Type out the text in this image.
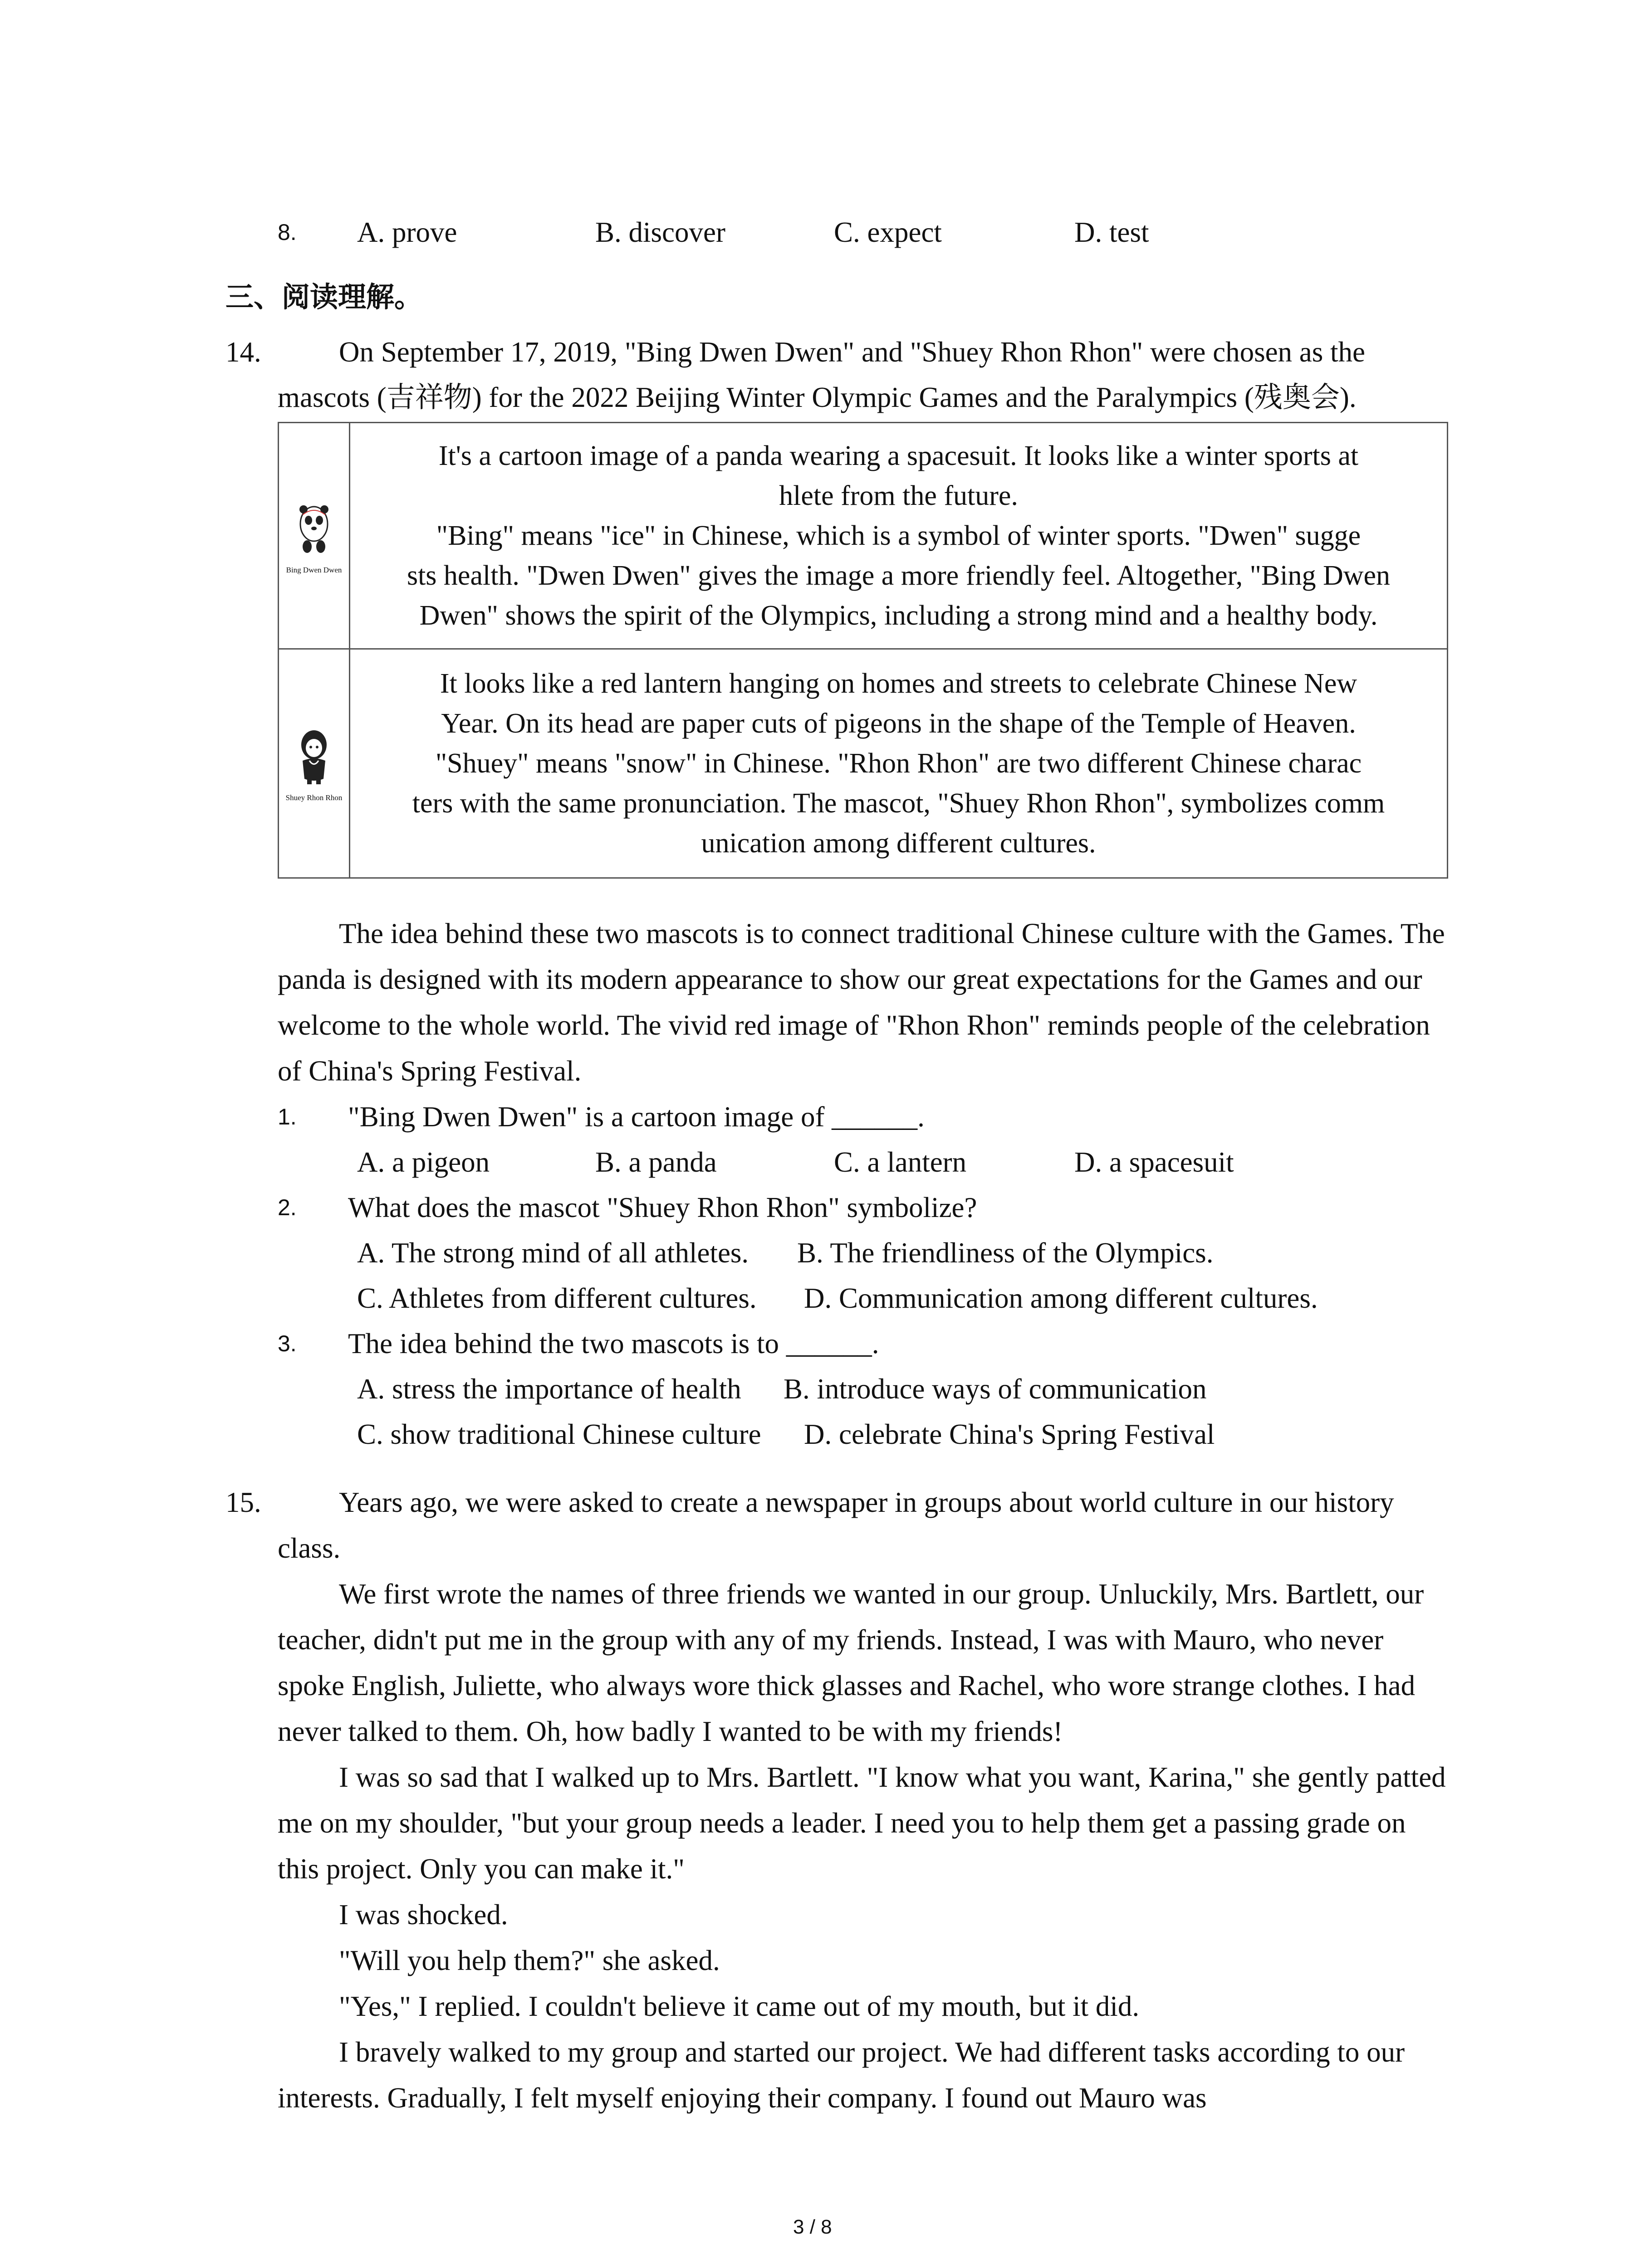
8. A. prove	B. discover	C. expect	D. test
三、阅读理解。
14.	On September 17, 2019, "Bing Dwen Dwen" and "Shuey Rhon Rhon" were chosen as the
mascots (吉祥物) for the 2022 Beijing Winter Olympic Games and the Paralympics (残奥会).
Bing Dwen Dwen	It's a cartoon image of a panda wearing a spacesuit. It looks like a winter sports at
hlete from the future.
"Bing" means "ice" in Chinese, which is a symbol of winter sports. "Dwen" sugge
sts health. "Dwen Dwen" gives the image a more friendly feel. Altogether, "Bing Dwen
Dwen" shows the spirit of the Olympics, including a strong mind and a healthy body.

Shuey Rhon Rhon	It looks like a red lantern hanging on homes and streets to celebrate Chinese New
Year. On its head are paper cuts of pigeons in the shape of the Temple of Heaven.
"Shuey" means "snow" in Chinese. "Rhon Rhon" are two different Chinese charac
ters with the same pronunciation. The mascot, "Shuey Rhon Rhon", symbolizes comm
unication among different cultures.

The idea behind these two mascots is to connect traditional Chinese culture with the Games. The panda is designed with its modern appearance to show our great expectations for the Games and our welcome to the whole world. The vivid red image of "Rhon Rhon" reminds people of the celebration of China's Spring Festival.

1. "Bing Dwen Dwen" is a cartoon image of ______.
A. a pigeon	B. a panda	C. a lantern	D. a spacesuit
2. What does the mascot "Shuey Rhon Rhon" symbolize?
A. The strong mind of all athletes. B. The friendliness of the Olympics.
C. Athletes from different cultures. D. Communication among different cultures.
3. The idea behind the two mascots is to ______.
A. stress the importance of health B. introduce ways of communication
C. show traditional Chinese culture D. celebrate China's Spring Festival
15.	Years ago, we were asked to create a newspaper in groups about world culture in our history class.

We first wrote the names of three friends we wanted in our group. Unluckily, Mrs. Bartlett, our teacher, didn't put me in the group with any of my friends. Instead, I was with Mauro, who never spoke English, Juliette, who always wore thick glasses and Rachel, who wore strange clothes. I had never talked to them. Oh, how badly I wanted to be with my friends!

I was so sad that I walked up to Mrs. Bartlett. "I know what you want, Karina," she gently patted me on my shoulder, "but your group needs a leader. I need you to help them get a passing grade on this project. Only you can make it."

I was shocked.

"Will you help them?" she asked.

"Yes," I replied. I couldn't believe it came out of my mouth, but it did.

I bravely walked to my group and started our project. We had different tasks according to our interests. Gradually, I felt myself enjoying their company. I found out Mauro was

3 / 8
